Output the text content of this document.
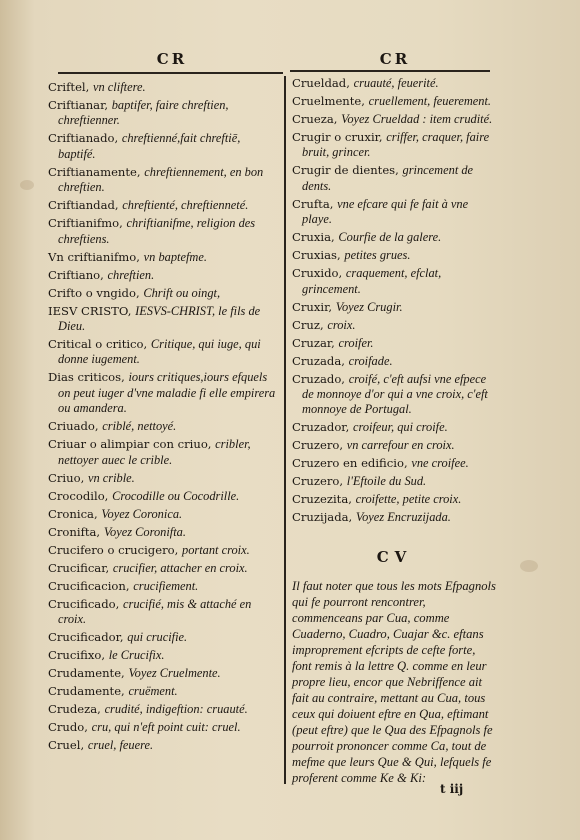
CR	CR
Criftel, vn cliftere.
Criftianar, baptifer, faire chreftien, chreftienner.
Criftianado, chreftienné,fait chreftiē, baptifé.
Criftianamente, chreftiennement, en bon chreftien.
Criftiandad, chreftienté, chreftienneté.
Criftianifmo, chriftianifme, religion des chreftiens.
Vn criftianifmo, vn baptefme.
Criftiano, chreftien.
Crifto o vngido, Chrift ou oingt,
IESV CRISTO, IESVS-CHRIST, le fils de Dieu.
Critical o critico, Critique, qui iuge, qui donne iugement.
Dias criticos, iours critiques,iours efquels on peut iuger d'vne maladie fi elle empirera ou amandera.
Criuado, criblé, nettoyé.
Criuar o alimpiar con criuo, cribler, nettoyer auec le crible.
Criuo, vn crible.
Crocodilo, Crocodille ou Cocodrille.
Cronica, Voyez Coronica.
Cronifta, Voyez Coronifta.
Crucifero o crucigero, portant croix.
Crucificar, crucifier, attacher en croix.
Crucificacion, crucifiement.
Crucificado, crucifié, mis & attaché en croix.
Crucificador, qui crucifie.
Crucifixo, le Crucifix.
Crudamente, Voyez Cruelmente.
Crudamente, cruëment.
Crudeza, crudité, indigeftion: cruauté.
Crudo, cru, qui n'eft point cuit: cruel.
Cruel, cruel, feuere.
Crueldad, cruauté, feuerité.
Cruelmente, cruellement, feuerement.
Crueza, Voyez Crueldad : item crudité.
Crugir o cruxir, criffer, craquer, faire bruit, grincer.
Crugir de dientes, grincement de dents.
Crufta, vne efcare qui fe fait à vne playe.
Cruxia, Courfie de la galere.
Cruxias, petites grues.
Cruxido, craquement, efclat, grincement.
Cruxir, Voyez Crugir.
Cruz, croix.
Cruzar, croifer.
Cruzada, croifade.
Cruzado, croifé, c'eft aufsi vne efpece de monnoye d'or qui a vne croix, c'eft monnoye de Portugal.
Cruzador, croifeur, qui croife.
Cruzero, vn carrefour en croix.
Cruzero en edificio, vne croifee.
Cruzero, l'Eftoile du Sud.
Cruzezita, croifette, petite croix.
Cruzijada, Voyez Encruzijada.
CV
Il faut noter que tous les mots Efpagnols qui fe pourront rencontrer, commenceans par Cua, comme Cuaderno, Cuadro, Cuajar &c. eftans improprement efcripts de cefte forte, font remis à la lettre Q. comme en leur propre lieu, encor que Nebriffence ait fait au contraire, mettant au Cua, tous ceux qui doiuent eftre en Qua, eftimant (peut eftre) que le Qua des Efpagnols fe pourroit prononcer comme Ca, tout de mefme que leurs Que & Qui, lefquels fe proferent comme Ke & Ki:
t iij
